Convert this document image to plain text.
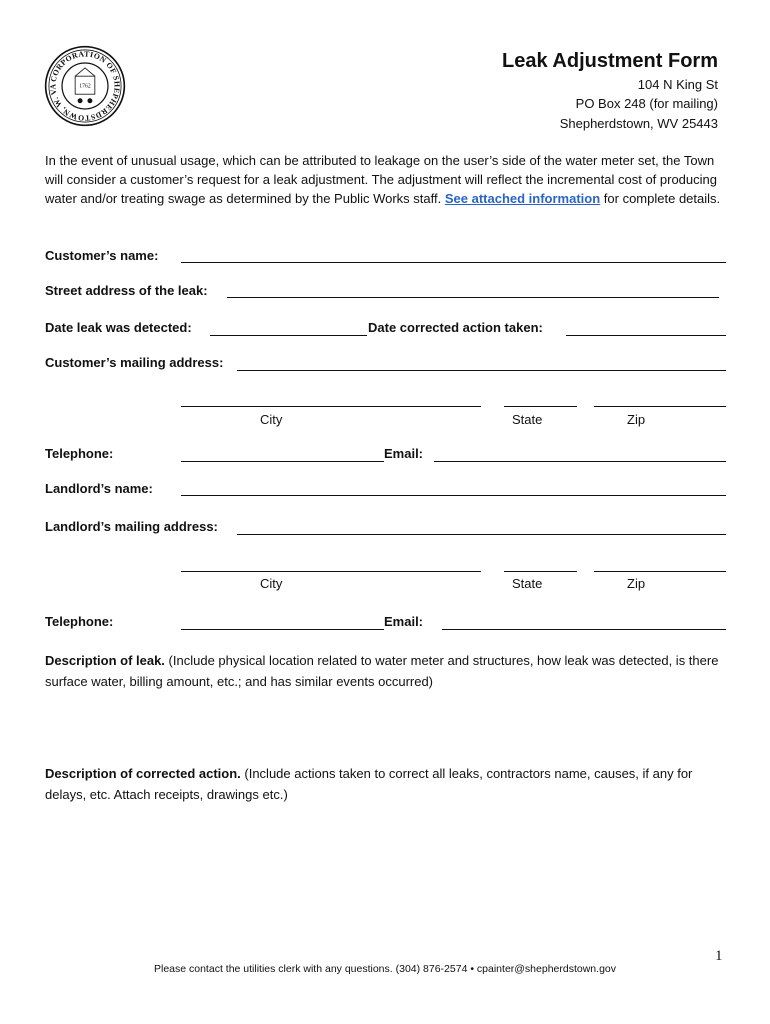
CORPORATION OF SHEPHERDSTOWN, W. VA	1762
Leak Adjustment Form
104 N King St
PO Box 248 (for mailing)
Shepherdstown, WV 25443
In the event of unusual usage, which can be attributed to leakage on the user’s side of the water meter set, the Town will consider a customer’s request for a leak adjustment. The adjustment will reflect the incremental cost of producing water and/or treating swage as determined by the Public Works staff. See attached information for complete details.
Customer’s name:
Street address of the leak:
Date leak was detected:	Date corrected action taken:
Customer’s mailing address:
City	State	Zip
Telephone:	Email:
Landlord’s name:
Landlord’s mailing address:
City	State	Zip
Telephone:	Email:
Description of leak. (Include physical location related to water meter and structures, how leak was detected, is there surface water, billing amount, etc.; and has similar events occurred)
Description of corrected action. (Include actions taken to correct all leaks, contractors name, causes, if any for delays, etc. Attach receipts, drawings etc.)
1
Please contact the utilities clerk with any questions. (304) 876-2574 • cpainter@shepherdstown.gov
